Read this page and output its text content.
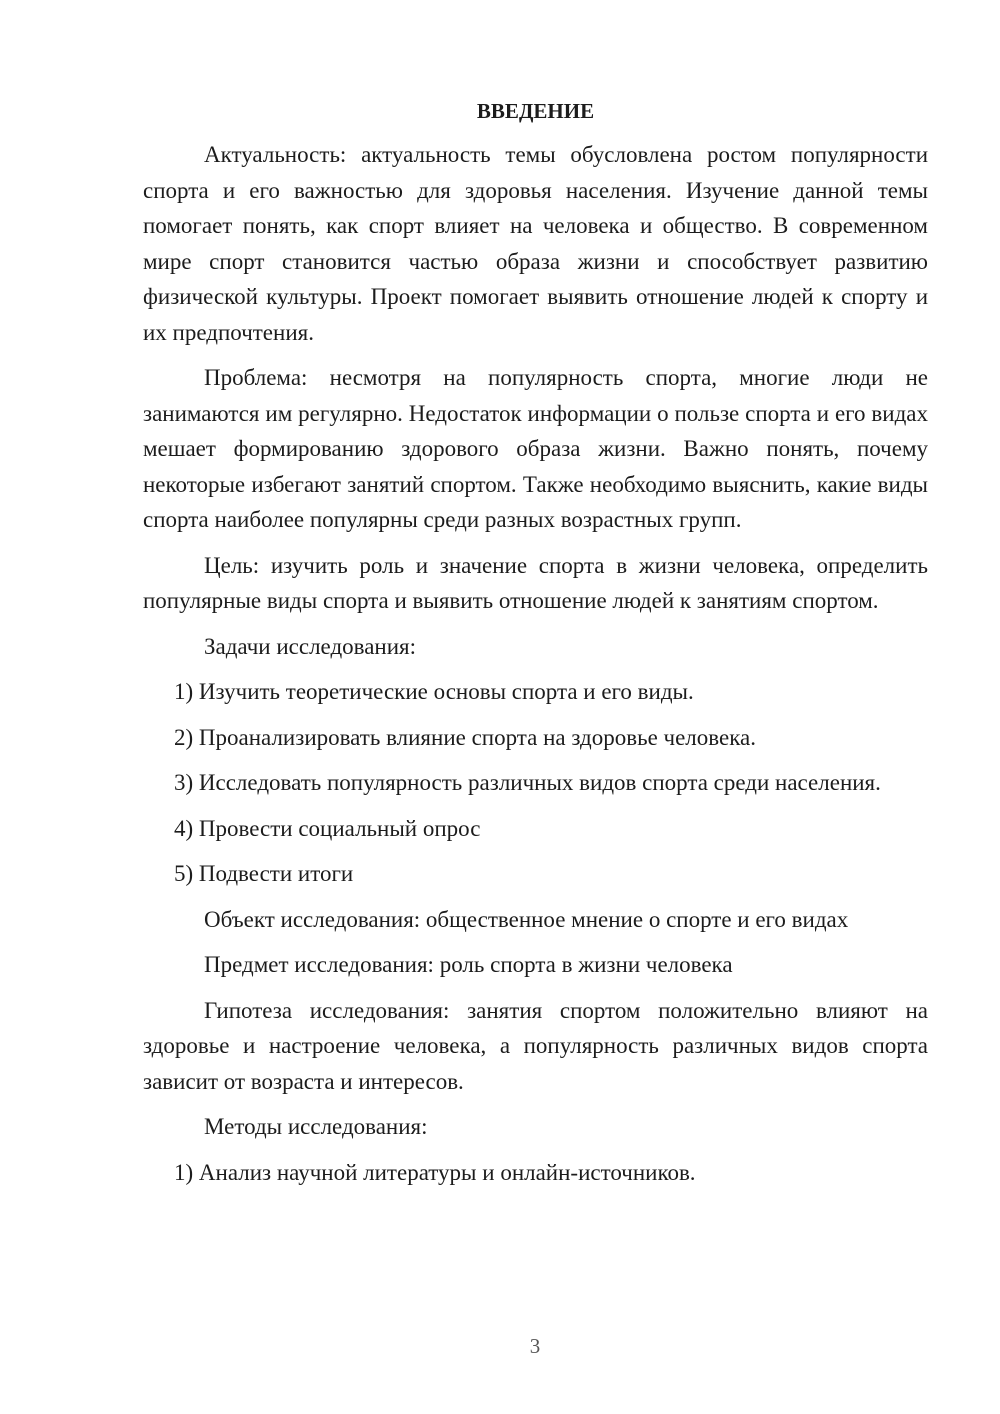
ВВЕДЕНИЕ

Актуальность: актуальность темы обусловлена ростом популярности спорта и его важностью для здоровья населения. Изучение данной темы помогает понять, как спорт влияет на человека и общество. В современном мире спорт становится частью образа жизни и способствует развитию физической культуры. Проект помогает выявить отношение людей к спорту и их предпочтения.

Проблема: несмотря на популярность спорта, многие люди не занимаются им регулярно. Недостаток информации о пользе спорта и его видах мешает формированию здорового образа жизни. Важно понять, почему некоторые избегают занятий спортом. Также необходимо выяснить, какие виды спорта наиболее популярны среди разных возрастных групп.

Цель: изучить роль и значение спорта в жизни человека, определить популярные виды спорта и выявить отношение людей к занятиям спортом.

Задачи исследования:

1) Изучить теоретические основы спорта и его виды.

2) Проанализировать влияние спорта на здоровье человека.

3) Исследовать популярность различных видов спорта среди населения.

4) Провести социальный опрос

5) Подвести итоги

Объект исследования: общественное мнение о спорте и его видах

Предмет исследования: роль спорта в жизни человека

Гипотеза исследования: занятия спортом положительно влияют на здоровье и настроение человека, а популярность различных видов спорта зависит от возраста и интересов.

Методы исследования:

1) Анализ научной литературы и онлайн-источников.

3
